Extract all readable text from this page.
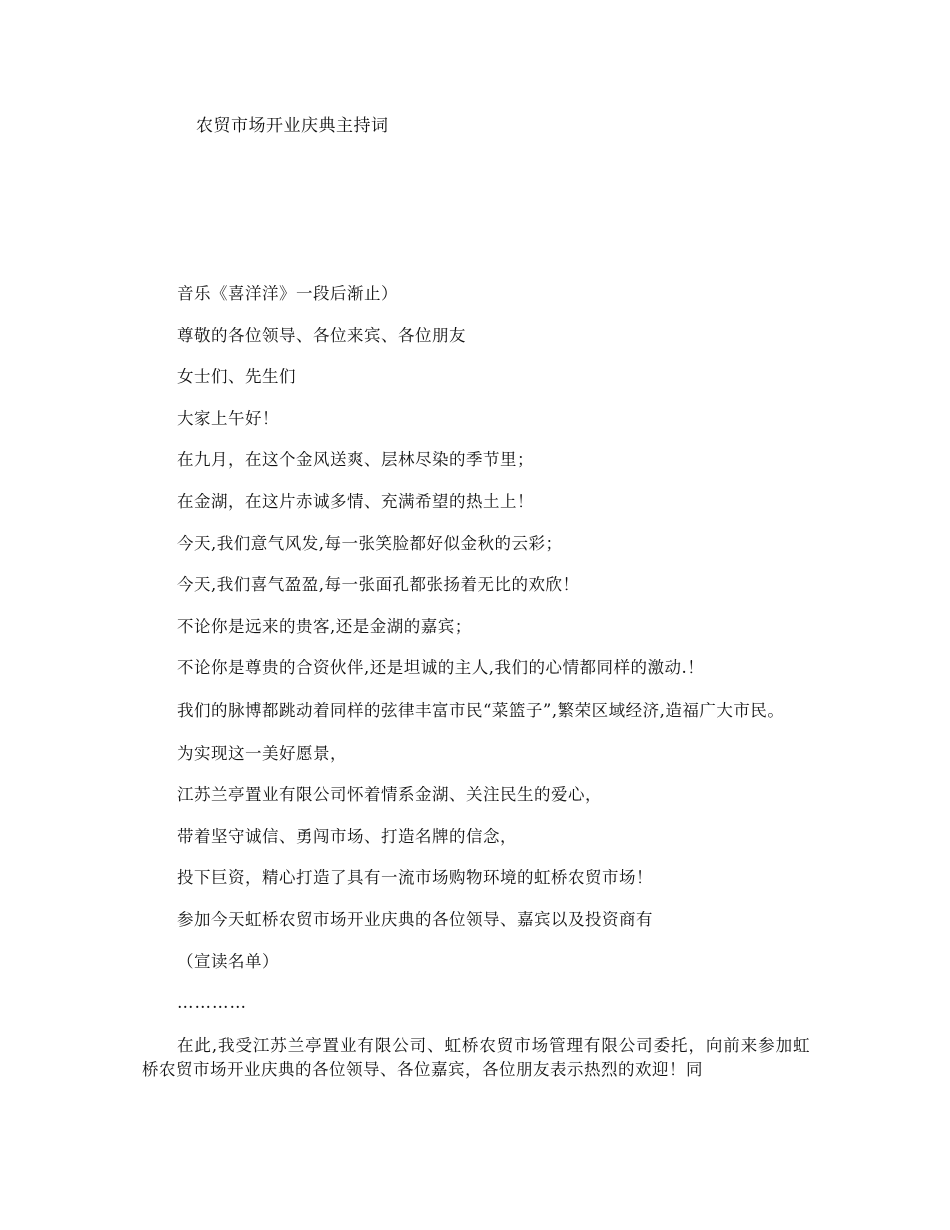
农贸市场开业庆典主持词

音乐《喜洋洋》一段后渐止）

尊敬的各位领导、各位来宾、各位朋友

女士们、先生们

大家上午好！

在九月，在这个金风送爽、层林尽染的季节里；

在金湖，在这片赤诚多情、充满希望的热土上！

今天,我们意气风发,每一张笑脸都好似金秋的云彩；

今天,我们喜气盈盈,每一张面孔都张扬着无比的欢欣！

不论你是远来的贵客,还是金湖的嘉宾；

不论你是尊贵的合资伙伴,还是坦诚的主人,我们的心情都同样的激动.！

我们的脉博都跳动着同样的弦律丰富市民“菜篮子”,繁荣区域经济,造福广大市民。

为实现这一美好愿景，

江苏兰亭置业有限公司怀着情系金湖、关注民生的爱心，

带着坚守诚信、勇闯市场、打造名牌的信念，

投下巨资，精心打造了具有一流市场购物环境的虹桥农贸市场！

参加今天虹桥农贸市场开业庆典的各位领导、嘉宾以及投资商有

（宣读名单）

…………

在此,我受江苏兰亭置业有限公司、虹桥农贸市场管理有限公司委托，向前来参加虹桥农贸市场开业庆典的各位领导、各位嘉宾，各位朋友表示热烈的欢迎！同
